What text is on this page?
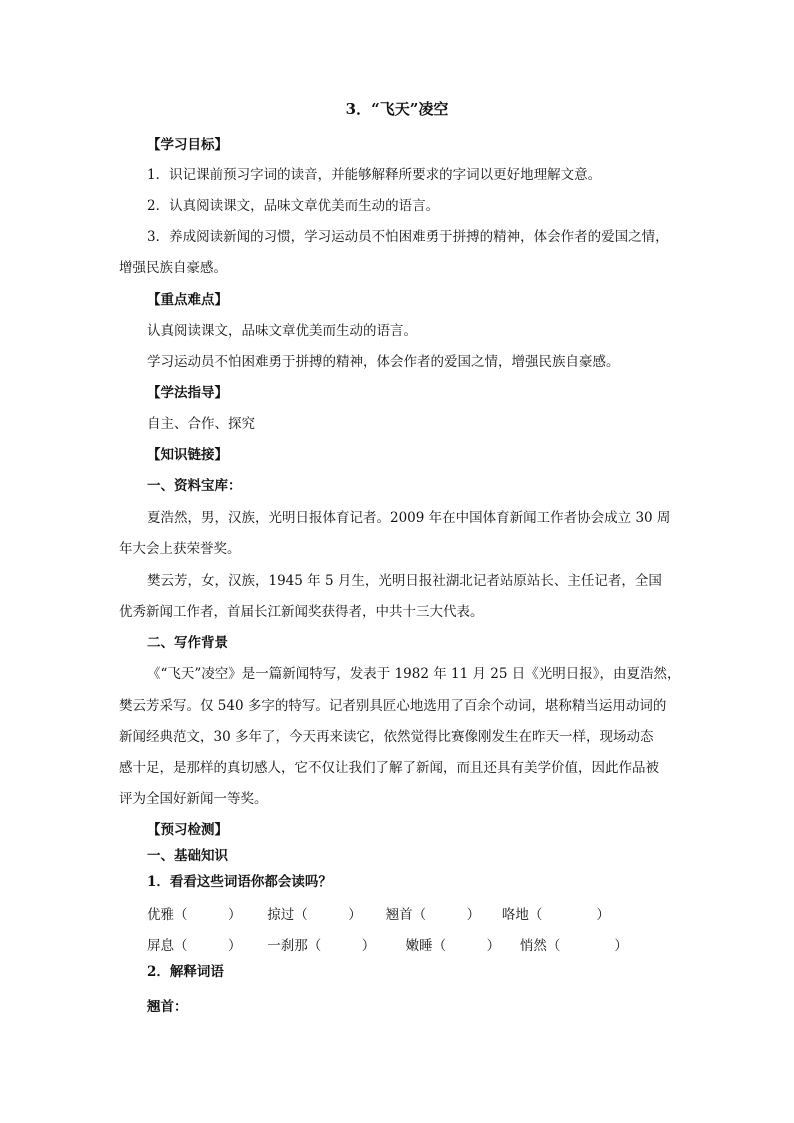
3．“飞天”凌空
【学习目标】
1．识记课前预习字词的读音，并能够解释所要求的字词以更好地理解文意。
2．认真阅读课文，品味文章优美而生动的语言。
3．养成阅读新闻的习惯，学习运动员不怕困难勇于拼搏的精神，体会作者的爱国之情，
增强民族自豪感。
【重点难点】
认真阅读课文，品味文章优美而生动的语言。
学习运动员不怕困难勇于拼搏的精神，体会作者的爱国之情，增强民族自豪感。
【学法指导】
自主、合作、探究
【知识链接】
一、资料宝库：
夏浩然，男，汉族，光明日报体育记者。2009 年在中国体育新闻工作者协会成立 30 周
年大会上获荣誉奖。
樊云芳，女，汉族，1945 年 5 月生，光明日报社湖北记者站原站长、主任记者，全国
优秀新闻工作者，首届长江新闻奖获得者，中共十三大代表。
二、写作背景
《“飞天”凌空》是一篇新闻特写，发表于 1982 年 11 月 25 日《光明日报》，由夏浩然，
樊云芳采写。仅 540 多字的特写。记者别具匠心地选用了百余个动词，堪称精当运用动词的
新闻经典范文，30 多年了，今天再来读它，依然觉得比赛像刚发生在昨天一样，现场动态
感十足，是那样的真切感人，它不仅让我们了解了新闻，而且还具有美学价值，因此作品被
评为全国好新闻一等奖。
【预习检测】
一、基础知识
1．看看这些词语你都会读吗？
优雅（　　　） 掠过（　　　） 翘首（　　　） 咯地（　　　　）
屏息（　　　） 一刹那（　　　） 嫩睡（　　　） 悄然（　　　　）
2．解释词语
翘首：
